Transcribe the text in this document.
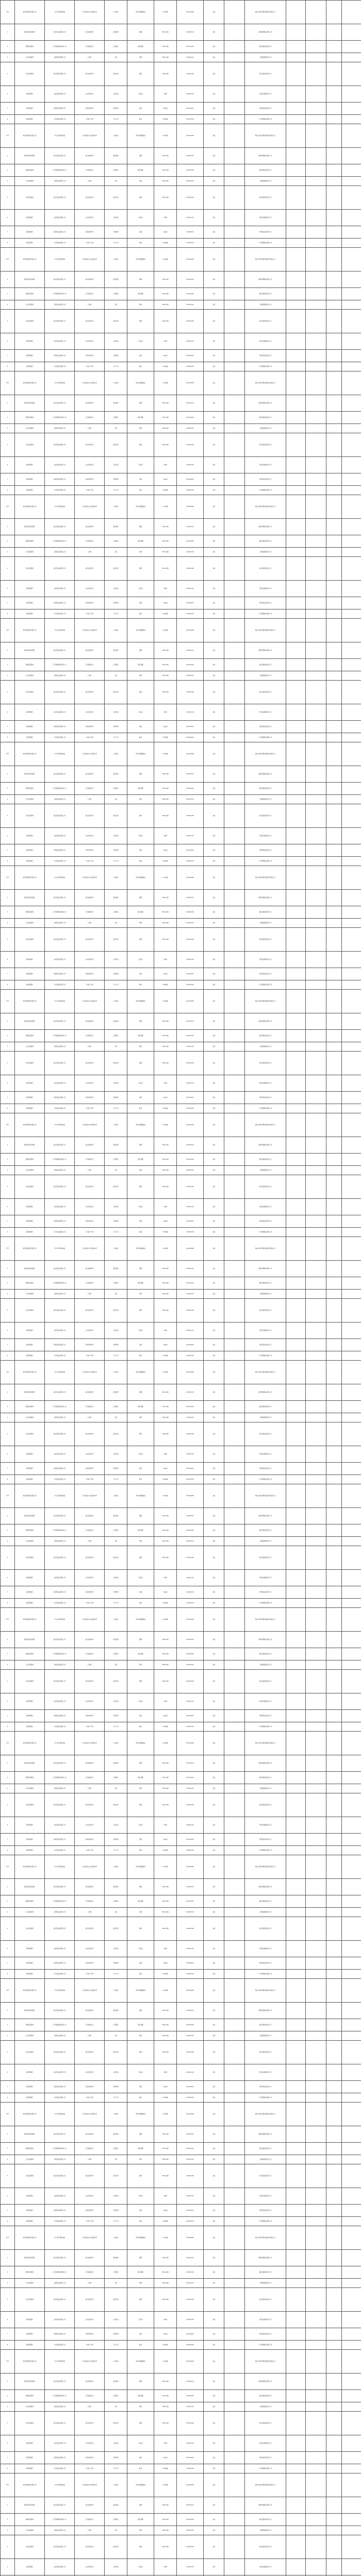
序号	杭州金夏贸易有限公司	广东 海天调味食品	广东省佛山市文沙路16号	广东佛山	海天味极鲜酱油	1.28L/瓶	2023/06/08	合格		佛山市海天调味食品股份有限公司				
2	湖州南浔区某超市	浙江某食品有限公司	浙江省湖州市	浙江湖州	香醋	500mL/瓶	2023/05/12	合格		湖州某调味品有限公司				
3	德清县某超市	江苏某调味品有限公司	江苏省镇江市	江苏镇江	镇江香醋	550mL/瓶	2023/04/20	合格		镇江某醋业有限公司				
4	长兴县某超市	上海某食品有限公司	上海市	上海	料酒	500mL/瓶	2023/03/15	合格		上海某酿造有限公司				
5	安吉县某超市	浙江某食品有限公司	浙江省杭州市	浙江杭州	黄酒	500mL/瓶	2023/02/28	合格		绍兴某酒业有限公司				
6	湖州某超市	山东某食品有限公司	山东省青岛市	山东青岛	花生油	5L/桶	2023/01/10	合格		青岛某油脂有限公司				
7	湖州某超市	河南某食品有限公司	河南省郑州市	河南郑州	挂面	1kg/袋	2023/06/01	合格		郑州某面业有限公司				
8	湖州某超市	广东某食品有限公司	广东省广州市	广东广州	蚝油	700g/瓶	2023/05/18	合格		广州某调味品有限公司				
序号	杭州金夏贸易有限公司	广东 海天调味食品	广东省佛山市文沙路16号	广东佛山	海天味极鲜酱油	1.28L/瓶	2023/06/08	合格		佛山市海天调味食品股份有限公司				
2	湖州南浔区某超市	浙江某食品有限公司	浙江省湖州市	浙江湖州	香醋	500mL/瓶	2023/05/12	合格		湖州某调味品有限公司				
3	德清县某超市	江苏某调味品有限公司	江苏省镇江市	江苏镇江	镇江香醋	550mL/瓶	2023/04/20	合格		镇江某醋业有限公司				
4	长兴县某超市	上海某食品有限公司	上海市	上海	料酒	500mL/瓶	2023/03/15	合格		上海某酿造有限公司				
5	安吉县某超市	浙江某食品有限公司	浙江省杭州市	浙江杭州	黄酒	500mL/瓶	2023/02/28	合格		绍兴某酒业有限公司				
6	湖州某超市	山东某食品有限公司	山东省青岛市	山东青岛	花生油	5L/桶	2023/01/10	合格		青岛某油脂有限公司				
7	湖州某超市	河南某食品有限公司	河南省郑州市	河南郑州	挂面	1kg/袋	2023/06/01	合格		郑州某面业有限公司				
8	湖州某超市	广东某食品有限公司	广东省广州市	广东广州	蚝油	700g/瓶	2023/05/18	合格		广州某调味品有限公司				
序号	杭州金夏贸易有限公司	广东 海天调味食品	广东省佛山市文沙路16号	广东佛山	海天味极鲜酱油	1.28L/瓶	2023/06/08	合格		佛山市海天调味食品股份有限公司				
2	湖州南浔区某超市	浙江某食品有限公司	浙江省湖州市	浙江湖州	香醋	500mL/瓶	2023/05/12	合格		湖州某调味品有限公司				
3	德清县某超市	江苏某调味品有限公司	江苏省镇江市	江苏镇江	镇江香醋	550mL/瓶	2023/04/20	合格		镇江某醋业有限公司				
4	长兴县某超市	上海某食品有限公司	上海市	上海	料酒	500mL/瓶	2023/03/15	合格		上海某酿造有限公司				
5	安吉县某超市	浙江某食品有限公司	浙江省杭州市	浙江杭州	黄酒	500mL/瓶	2023/02/28	合格		绍兴某酒业有限公司				
6	湖州某超市	山东某食品有限公司	山东省青岛市	山东青岛	花生油	5L/桶	2023/01/10	合格		青岛某油脂有限公司				
7	湖州某超市	河南某食品有限公司	河南省郑州市	河南郑州	挂面	1kg/袋	2023/06/01	合格		郑州某面业有限公司				
8	湖州某超市	广东某食品有限公司	广东省广州市	广东广州	蚝油	700g/瓶	2023/05/18	合格		广州某调味品有限公司				
序号	杭州金夏贸易有限公司	广东 海天调味食品	广东省佛山市文沙路16号	广东佛山	海天味极鲜酱油	1.28L/瓶	2023/06/08	合格		佛山市海天调味食品股份有限公司				
2	湖州南浔区某超市	浙江某食品有限公司	浙江省湖州市	浙江湖州	香醋	500mL/瓶	2023/05/12	合格		湖州某调味品有限公司				
3	德清县某超市	江苏某调味品有限公司	江苏省镇江市	江苏镇江	镇江香醋	550mL/瓶	2023/04/20	合格		镇江某醋业有限公司				
4	长兴县某超市	上海某食品有限公司	上海市	上海	料酒	500mL/瓶	2023/03/15	合格		上海某酿造有限公司				
5	安吉县某超市	浙江某食品有限公司	浙江省杭州市	浙江杭州	黄酒	500mL/瓶	2023/02/28	合格		绍兴某酒业有限公司				
6	湖州某超市	山东某食品有限公司	山东省青岛市	山东青岛	花生油	5L/桶	2023/01/10	合格		青岛某油脂有限公司				
7	湖州某超市	河南某食品有限公司	河南省郑州市	河南郑州	挂面	1kg/袋	2023/06/01	合格		郑州某面业有限公司				
8	湖州某超市	广东某食品有限公司	广东省广州市	广东广州	蚝油	700g/瓶	2023/05/18	合格		广州某调味品有限公司				
序号	杭州金夏贸易有限公司	广东 海天调味食品	广东省佛山市文沙路16号	广东佛山	海天味极鲜酱油	1.28L/瓶	2023/06/08	合格		佛山市海天调味食品股份有限公司				
2	湖州南浔区某超市	浙江某食品有限公司	浙江省湖州市	浙江湖州	香醋	500mL/瓶	2023/05/12	合格		湖州某调味品有限公司				
3	德清县某超市	江苏某调味品有限公司	江苏省镇江市	江苏镇江	镇江香醋	550mL/瓶	2023/04/20	合格		镇江某醋业有限公司				
4	长兴县某超市	上海某食品有限公司	上海市	上海	料酒	500mL/瓶	2023/03/15	合格		上海某酿造有限公司				
5	安吉县某超市	浙江某食品有限公司	浙江省杭州市	浙江杭州	黄酒	500mL/瓶	2023/02/28	合格		绍兴某酒业有限公司				
6	湖州某超市	山东某食品有限公司	山东省青岛市	山东青岛	花生油	5L/桶	2023/01/10	合格		青岛某油脂有限公司				
7	湖州某超市	河南某食品有限公司	河南省郑州市	河南郑州	挂面	1kg/袋	2023/06/01	合格		郑州某面业有限公司				
8	湖州某超市	广东某食品有限公司	广东省广州市	广东广州	蚝油	700g/瓶	2023/05/18	合格		广州某调味品有限公司				
序号	杭州金夏贸易有限公司	广东 海天调味食品	广东省佛山市文沙路16号	广东佛山	海天味极鲜酱油	1.28L/瓶	2023/06/08	合格		佛山市海天调味食品股份有限公司				
2	湖州南浔区某超市	浙江某食品有限公司	浙江省湖州市	浙江湖州	香醋	500mL/瓶	2023/05/12	合格		湖州某调味品有限公司				
3	德清县某超市	江苏某调味品有限公司	江苏省镇江市	江苏镇江	镇江香醋	550mL/瓶	2023/04/20	合格		镇江某醋业有限公司				
4	长兴县某超市	上海某食品有限公司	上海市	上海	料酒	500mL/瓶	2023/03/15	合格		上海某酿造有限公司				
5	安吉县某超市	浙江某食品有限公司	浙江省杭州市	浙江杭州	黄酒	500mL/瓶	2023/02/28	合格		绍兴某酒业有限公司				
6	湖州某超市	山东某食品有限公司	山东省青岛市	山东青岛	花生油	5L/桶	2023/01/10	合格		青岛某油脂有限公司				
7	湖州某超市	河南某食品有限公司	河南省郑州市	河南郑州	挂面	1kg/袋	2023/06/01	合格		郑州某面业有限公司				
8	湖州某超市	广东某食品有限公司	广东省广州市	广东广州	蚝油	700g/瓶	2023/05/18	合格		广州某调味品有限公司				
序号	杭州金夏贸易有限公司	广东 海天调味食品	广东省佛山市文沙路16号	广东佛山	海天味极鲜酱油	1.28L/瓶	2023/06/08	合格		佛山市海天调味食品股份有限公司				
2	湖州南浔区某超市	浙江某食品有限公司	浙江省湖州市	浙江湖州	香醋	500mL/瓶	2023/05/12	合格		湖州某调味品有限公司				
3	德清县某超市	江苏某调味品有限公司	江苏省镇江市	江苏镇江	镇江香醋	550mL/瓶	2023/04/20	合格		镇江某醋业有限公司				
4	长兴县某超市	上海某食品有限公司	上海市	上海	料酒	500mL/瓶	2023/03/15	合格		上海某酿造有限公司				
5	安吉县某超市	浙江某食品有限公司	浙江省杭州市	浙江杭州	黄酒	500mL/瓶	2023/02/28	合格		绍兴某酒业有限公司				
6	湖州某超市	山东某食品有限公司	山东省青岛市	山东青岛	花生油	5L/桶	2023/01/10	合格		青岛某油脂有限公司				
7	湖州某超市	河南某食品有限公司	河南省郑州市	河南郑州	挂面	1kg/袋	2023/06/01	合格		郑州某面业有限公司				
8	湖州某超市	广东某食品有限公司	广东省广州市	广东广州	蚝油	700g/瓶	2023/05/18	合格		广州某调味品有限公司				
序号	杭州金夏贸易有限公司	广东 海天调味食品	广东省佛山市文沙路16号	广东佛山	海天味极鲜酱油	1.28L/瓶	2023/06/08	合格		佛山市海天调味食品股份有限公司				
2	湖州南浔区某超市	浙江某食品有限公司	浙江省湖州市	浙江湖州	香醋	500mL/瓶	2023/05/12	合格		湖州某调味品有限公司				
3	德清县某超市	江苏某调味品有限公司	江苏省镇江市	江苏镇江	镇江香醋	550mL/瓶	2023/04/20	合格		镇江某醋业有限公司				
4	长兴县某超市	上海某食品有限公司	上海市	上海	料酒	500mL/瓶	2023/03/15	合格		上海某酿造有限公司				
5	安吉县某超市	浙江某食品有限公司	浙江省杭州市	浙江杭州	黄酒	500mL/瓶	2023/02/28	合格		绍兴某酒业有限公司				
6	湖州某超市	山东某食品有限公司	山东省青岛市	山东青岛	花生油	5L/桶	2023/01/10	合格		青岛某油脂有限公司				
7	湖州某超市	河南某食品有限公司	河南省郑州市	河南郑州	挂面	1kg/袋	2023/06/01	合格		郑州某面业有限公司				
8	湖州某超市	广东某食品有限公司	广东省广州市	广东广州	蚝油	700g/瓶	2023/05/18	合格		广州某调味品有限公司				
序号	杭州金夏贸易有限公司	广东 海天调味食品	广东省佛山市文沙路16号	广东佛山	海天味极鲜酱油	1.28L/瓶	2023/06/08	合格		佛山市海天调味食品股份有限公司				
2	湖州南浔区某超市	浙江某食品有限公司	浙江省湖州市	浙江湖州	香醋	500mL/瓶	2023/05/12	合格		湖州某调味品有限公司				
3	德清县某超市	江苏某调味品有限公司	江苏省镇江市	江苏镇江	镇江香醋	550mL/瓶	2023/04/20	合格		镇江某醋业有限公司				
4	长兴县某超市	上海某食品有限公司	上海市	上海	料酒	500mL/瓶	2023/03/15	合格		上海某酿造有限公司				
5	安吉县某超市	浙江某食品有限公司	浙江省杭州市	浙江杭州	黄酒	500mL/瓶	2023/02/28	合格		绍兴某酒业有限公司				
6	湖州某超市	山东某食品有限公司	山东省青岛市	山东青岛	花生油	5L/桶	2023/01/10	合格		青岛某油脂有限公司				
7	湖州某超市	河南某食品有限公司	河南省郑州市	河南郑州	挂面	1kg/袋	2023/06/01	合格		郑州某面业有限公司				
8	湖州某超市	广东某食品有限公司	广东省广州市	广东广州	蚝油	700g/瓶	2023/05/18	合格		广州某调味品有限公司				
序号	杭州金夏贸易有限公司	广东 海天调味食品	广东省佛山市文沙路16号	广东佛山	海天味极鲜酱油	1.28L/瓶	2023/06/08	合格		佛山市海天调味食品股份有限公司				
2	湖州南浔区某超市	浙江某食品有限公司	浙江省湖州市	浙江湖州	香醋	500mL/瓶	2023/05/12	合格		湖州某调味品有限公司				
3	德清县某超市	江苏某调味品有限公司	江苏省镇江市	江苏镇江	镇江香醋	550mL/瓶	2023/04/20	合格		镇江某醋业有限公司				
4	长兴县某超市	上海某食品有限公司	上海市	上海	料酒	500mL/瓶	2023/03/15	合格		上海某酿造有限公司				
5	安吉县某超市	浙江某食品有限公司	浙江省杭州市	浙江杭州	黄酒	500mL/瓶	2023/02/28	合格		绍兴某酒业有限公司				
6	湖州某超市	山东某食品有限公司	山东省青岛市	山东青岛	花生油	5L/桶	2023/01/10	合格		青岛某油脂有限公司				
7	湖州某超市	河南某食品有限公司	河南省郑州市	河南郑州	挂面	1kg/袋	2023/06/01	合格		郑州某面业有限公司				
8	湖州某超市	广东某食品有限公司	广东省广州市	广东广州	蚝油	700g/瓶	2023/05/18	合格		广州某调味品有限公司				
序号	杭州金夏贸易有限公司	广东 海天调味食品	广东省佛山市文沙路16号	广东佛山	海天味极鲜酱油	1.28L/瓶	2023/06/08	合格		佛山市海天调味食品股份有限公司				
2	湖州南浔区某超市	浙江某食品有限公司	浙江省湖州市	浙江湖州	香醋	500mL/瓶	2023/05/12	合格		湖州某调味品有限公司				
3	德清县某超市	江苏某调味品有限公司	江苏省镇江市	江苏镇江	镇江香醋	550mL/瓶	2023/04/20	合格		镇江某醋业有限公司				
4	长兴县某超市	上海某食品有限公司	上海市	上海	料酒	500mL/瓶	2023/03/15	合格		上海某酿造有限公司				
5	安吉县某超市	浙江某食品有限公司	浙江省杭州市	浙江杭州	黄酒	500mL/瓶	2023/02/28	合格		绍兴某酒业有限公司				
6	湖州某超市	山东某食品有限公司	山东省青岛市	山东青岛	花生油	5L/桶	2023/01/10	合格		青岛某油脂有限公司				
7	湖州某超市	河南某食品有限公司	河南省郑州市	河南郑州	挂面	1kg/袋	2023/06/01	合格		郑州某面业有限公司				
8	湖州某超市	广东某食品有限公司	广东省广州市	广东广州	蚝油	700g/瓶	2023/05/18	合格		广州某调味品有限公司				
序号	杭州金夏贸易有限公司	广东 海天调味食品	广东省佛山市文沙路16号	广东佛山	海天味极鲜酱油	1.28L/瓶	2023/06/08	合格		佛山市海天调味食品股份有限公司				
2	湖州南浔区某超市	浙江某食品有限公司	浙江省湖州市	浙江湖州	香醋	500mL/瓶	2023/05/12	合格		湖州某调味品有限公司				
3	德清县某超市	江苏某调味品有限公司	江苏省镇江市	江苏镇江	镇江香醋	550mL/瓶	2023/04/20	合格		镇江某醋业有限公司				
4	长兴县某超市	上海某食品有限公司	上海市	上海	料酒	500mL/瓶	2023/03/15	合格		上海某酿造有限公司				
5	安吉县某超市	浙江某食品有限公司	浙江省杭州市	浙江杭州	黄酒	500mL/瓶	2023/02/28	合格		绍兴某酒业有限公司				
6	湖州某超市	山东某食品有限公司	山东省青岛市	山东青岛	花生油	5L/桶	2023/01/10	合格		青岛某油脂有限公司				
7	湖州某超市	河南某食品有限公司	河南省郑州市	河南郑州	挂面	1kg/袋	2023/06/01	合格		郑州某面业有限公司				
8	湖州某超市	广东某食品有限公司	广东省广州市	广东广州	蚝油	700g/瓶	2023/05/18	合格		广州某调味品有限公司				
序号	杭州金夏贸易有限公司	广东 海天调味食品	广东省佛山市文沙路16号	广东佛山	海天味极鲜酱油	1.28L/瓶	2023/06/08	合格		佛山市海天调味食品股份有限公司				
2	湖州南浔区某超市	浙江某食品有限公司	浙江省湖州市	浙江湖州	香醋	500mL/瓶	2023/05/12	合格		湖州某调味品有限公司				
3	德清县某超市	江苏某调味品有限公司	江苏省镇江市	江苏镇江	镇江香醋	550mL/瓶	2023/04/20	合格		镇江某醋业有限公司				
4	长兴县某超市	上海某食品有限公司	上海市	上海	料酒	500mL/瓶	2023/03/15	合格		上海某酿造有限公司				
5	安吉县某超市	浙江某食品有限公司	浙江省杭州市	浙江杭州	黄酒	500mL/瓶	2023/02/28	合格		绍兴某酒业有限公司				
6	湖州某超市	山东某食品有限公司	山东省青岛市	山东青岛	花生油	5L/桶	2023/01/10	合格		青岛某油脂有限公司				
7	湖州某超市	河南某食品有限公司	河南省郑州市	河南郑州	挂面	1kg/袋	2023/06/01	合格		郑州某面业有限公司				
8	湖州某超市	广东某食品有限公司	广东省广州市	广东广州	蚝油	700g/瓶	2023/05/18	合格		广州某调味品有限公司				
序号	杭州金夏贸易有限公司	广东 海天调味食品	广东省佛山市文沙路16号	广东佛山	海天味极鲜酱油	1.28L/瓶	2023/06/08	合格		佛山市海天调味食品股份有限公司				
2	湖州南浔区某超市	浙江某食品有限公司	浙江省湖州市	浙江湖州	香醋	500mL/瓶	2023/05/12	合格		湖州某调味品有限公司				
3	德清县某超市	江苏某调味品有限公司	江苏省镇江市	江苏镇江	镇江香醋	550mL/瓶	2023/04/20	合格		镇江某醋业有限公司				
4	长兴县某超市	上海某食品有限公司	上海市	上海	料酒	500mL/瓶	2023/03/15	合格		上海某酿造有限公司				
5	安吉县某超市	浙江某食品有限公司	浙江省杭州市	浙江杭州	黄酒	500mL/瓶	2023/02/28	合格		绍兴某酒业有限公司				
6	湖州某超市	山东某食品有限公司	山东省青岛市	山东青岛	花生油	5L/桶	2023/01/10	合格		青岛某油脂有限公司				
7	湖州某超市	河南某食品有限公司	河南省郑州市	河南郑州	挂面	1kg/袋	2023/06/01	合格		郑州某面业有限公司				
8	湖州某超市	广东某食品有限公司	广东省广州市	广东广州	蚝油	700g/瓶	2023/05/18	合格		广州某调味品有限公司				
序号	杭州金夏贸易有限公司	广东 海天调味食品	广东省佛山市文沙路16号	广东佛山	海天味极鲜酱油	1.28L/瓶	2023/06/08	合格		佛山市海天调味食品股份有限公司				
2	湖州南浔区某超市	浙江某食品有限公司	浙江省湖州市	浙江湖州	香醋	500mL/瓶	2023/05/12	合格		湖州某调味品有限公司				
3	德清县某超市	江苏某调味品有限公司	江苏省镇江市	江苏镇江	镇江香醋	550mL/瓶	2023/04/20	合格		镇江某醋业有限公司				
4	长兴县某超市	上海某食品有限公司	上海市	上海	料酒	500mL/瓶	2023/03/15	合格		上海某酿造有限公司				
5	安吉县某超市	浙江某食品有限公司	浙江省杭州市	浙江杭州	黄酒	500mL/瓶	2023/02/28	合格		绍兴某酒业有限公司				
6	湖州某超市	山东某食品有限公司	山东省青岛市	山东青岛	花生油	5L/桶	2023/01/10	合格		青岛某油脂有限公司				
7	湖州某超市	河南某食品有限公司	河南省郑州市	河南郑州	挂面	1kg/袋	2023/06/01	合格		郑州某面业有限公司				
8	湖州某超市	广东某食品有限公司	广东省广州市	广东广州	蚝油	700g/瓶	2023/05/18	合格		广州某调味品有限公司				
序号	杭州金夏贸易有限公司	广东 海天调味食品	广东省佛山市文沙路16号	广东佛山	海天味极鲜酱油	1.28L/瓶	2023/06/08	合格		佛山市海天调味食品股份有限公司				
2	湖州南浔区某超市	浙江某食品有限公司	浙江省湖州市	浙江湖州	香醋	500mL/瓶	2023/05/12	合格		湖州某调味品有限公司				
3	德清县某超市	江苏某调味品有限公司	江苏省镇江市	江苏镇江	镇江香醋	550mL/瓶	2023/04/20	合格		镇江某醋业有限公司				
4	长兴县某超市	上海某食品有限公司	上海市	上海	料酒	500mL/瓶	2023/03/15	合格		上海某酿造有限公司				
5	安吉县某超市	浙江某食品有限公司	浙江省杭州市	浙江杭州	黄酒	500mL/瓶	2023/02/28	合格		绍兴某酒业有限公司				
6	湖州某超市	山东某食品有限公司	山东省青岛市	山东青岛	花生油	5L/桶	2023/01/10	合格		青岛某油脂有限公司				
7	湖州某超市	河南某食品有限公司	河南省郑州市	河南郑州	挂面	1kg/袋	2023/06/01	合格		郑州某面业有限公司				
8	湖州某超市	广东某食品有限公司	广东省广州市	广东广州	蚝油	700g/瓶	2023/05/18	合格		广州某调味品有限公司				
序号	杭州金夏贸易有限公司	广东 海天调味食品	广东省佛山市文沙路16号	广东佛山	海天味极鲜酱油	1.28L/瓶	2023/06/08	合格		佛山市海天调味食品股份有限公司				
2	湖州南浔区某超市	浙江某食品有限公司	浙江省湖州市	浙江湖州	香醋	500mL/瓶	2023/05/12	合格		湖州某调味品有限公司				
3	德清县某超市	江苏某调味品有限公司	江苏省镇江市	江苏镇江	镇江香醋	550mL/瓶	2023/04/20	合格		镇江某醋业有限公司				
4	长兴县某超市	上海某食品有限公司	上海市	上海	料酒	500mL/瓶	2023/03/15	合格		上海某酿造有限公司				
5	安吉县某超市	浙江某食品有限公司	浙江省杭州市	浙江杭州	黄酒	500mL/瓶	2023/02/28	合格		绍兴某酒业有限公司				
6	湖州某超市	山东某食品有限公司	山东省青岛市	山东青岛	花生油	5L/桶	2023/01/10	合格		青岛某油脂有限公司				
7	湖州某超市	河南某食品有限公司	河南省郑州市	河南郑州	挂面	1kg/袋	2023/06/01	合格		郑州某面业有限公司				
8	湖州某超市	广东某食品有限公司	广东省广州市	广东广州	蚝油	700g/瓶	2023/05/18	合格		广州某调味品有限公司				
序号	杭州金夏贸易有限公司	广东 海天调味食品	广东省佛山市文沙路16号	广东佛山	海天味极鲜酱油	1.28L/瓶	2023/06/08	合格		佛山市海天调味食品股份有限公司				
2	湖州南浔区某超市	浙江某食品有限公司	浙江省湖州市	浙江湖州	香醋	500mL/瓶	2023/05/12	合格		湖州某调味品有限公司				
3	德清县某超市	江苏某调味品有限公司	江苏省镇江市	江苏镇江	镇江香醋	550mL/瓶	2023/04/20	合格		镇江某醋业有限公司				
4	长兴县某超市	上海某食品有限公司	上海市	上海	料酒	500mL/瓶	2023/03/15	合格		上海某酿造有限公司				
5	安吉县某超市	浙江某食品有限公司	浙江省杭州市	浙江杭州	黄酒	500mL/瓶	2023/02/28	合格		绍兴某酒业有限公司				
6	湖州某超市	山东某食品有限公司	山东省青岛市	山东青岛	花生油	5L/桶	2023/01/10	合格		青岛某油脂有限公司				
7	湖州某超市	河南某食品有限公司	河南省郑州市	河南郑州	挂面	1kg/袋	2023/06/01	合格		郑州某面业有限公司				
8	湖州某超市	广东某食品有限公司	广东省广州市	广东广州	蚝油	700g/瓶	2023/05/18	合格		广州某调味品有限公司				
序号	杭州金夏贸易有限公司	广东 海天调味食品	广东省佛山市文沙路16号	广东佛山	海天味极鲜酱油	1.28L/瓶	2023/06/08	合格		佛山市海天调味食品股份有限公司				
2	湖州南浔区某超市	浙江某食品有限公司	浙江省湖州市	浙江湖州	香醋	500mL/瓶	2023/05/12	合格		湖州某调味品有限公司				
3	德清县某超市	江苏某调味品有限公司	江苏省镇江市	江苏镇江	镇江香醋	550mL/瓶	2023/04/20	合格		镇江某醋业有限公司				
4	长兴县某超市	上海某食品有限公司	上海市	上海	料酒	500mL/瓶	2023/03/15	合格		上海某酿造有限公司				
5	安吉县某超市	浙江某食品有限公司	浙江省杭州市	浙江杭州	黄酒	500mL/瓶	2023/02/28	合格		绍兴某酒业有限公司				
6	湖州某超市	山东某食品有限公司	山东省青岛市	山东青岛	花生油	5L/桶	2023/01/10	合格		青岛某油脂有限公司				
7	湖州某超市	河南某食品有限公司	河南省郑州市	河南郑州	挂面	1kg/袋	2023/06/01	合格		郑州某面业有限公司				
8	湖州某超市	广东某食品有限公司	广东省广州市	广东广州	蚝油	700g/瓶	2023/05/18	合格		广州某调味品有限公司				
序号	杭州金夏贸易有限公司	广东 海天调味食品	广东省佛山市文沙路16号	广东佛山	海天味极鲜酱油	1.28L/瓶	2023/06/08	合格		佛山市海天调味食品股份有限公司				
2	湖州南浔区某超市	浙江某食品有限公司	浙江省湖州市	浙江湖州	香醋	500mL/瓶	2023/05/12	合格		湖州某调味品有限公司				
3	德清县某超市	江苏某调味品有限公司	江苏省镇江市	江苏镇江	镇江香醋	550mL/瓶	2023/04/20	合格		镇江某醋业有限公司				
4	长兴县某超市	上海某食品有限公司	上海市	上海	料酒	500mL/瓶	2023/03/15	合格		上海某酿造有限公司				
5	安吉县某超市	浙江某食品有限公司	浙江省杭州市	浙江杭州	黄酒	500mL/瓶	2023/02/28	合格		绍兴某酒业有限公司				
6	湖州某超市	山东某食品有限公司	山东省青岛市	山东青岛	花生油	5L/桶	2023/01/10	合格		青岛某油脂有限公司				
7	湖州某超市	河南某食品有限公司	河南省郑州市	河南郑州	挂面	1kg/袋	2023/06/01	合格		郑州某面业有限公司				
8	湖州某超市	广东某食品有限公司	广东省广州市	广东广州	蚝油	700g/瓶	2023/05/18	合格		广州某调味品有限公司				
序号	杭州金夏贸易有限公司	广东 海天调味食品	广东省佛山市文沙路16号	广东佛山	海天味极鲜酱油	1.28L/瓶	2023/06/08	合格		佛山市海天调味食品股份有限公司				
2	湖州南浔区某超市	浙江某食品有限公司	浙江省湖州市	浙江湖州	香醋	500mL/瓶	2023/05/12	合格		湖州某调味品有限公司				
3	德清县某超市	江苏某调味品有限公司	江苏省镇江市	江苏镇江	镇江香醋	550mL/瓶	2023/04/20	合格		镇江某醋业有限公司				
4	长兴县某超市	上海某食品有限公司	上海市	上海	料酒	500mL/瓶	2023/03/15	合格		上海某酿造有限公司				
5	安吉县某超市	浙江某食品有限公司	浙江省杭州市	浙江杭州	黄酒	500mL/瓶	2023/02/28	合格		绍兴某酒业有限公司				
6	湖州某超市	山东某食品有限公司	山东省青岛市	山东青岛	花生油	5L/桶	2023/01/10	合格		青岛某油脂有限公司				
